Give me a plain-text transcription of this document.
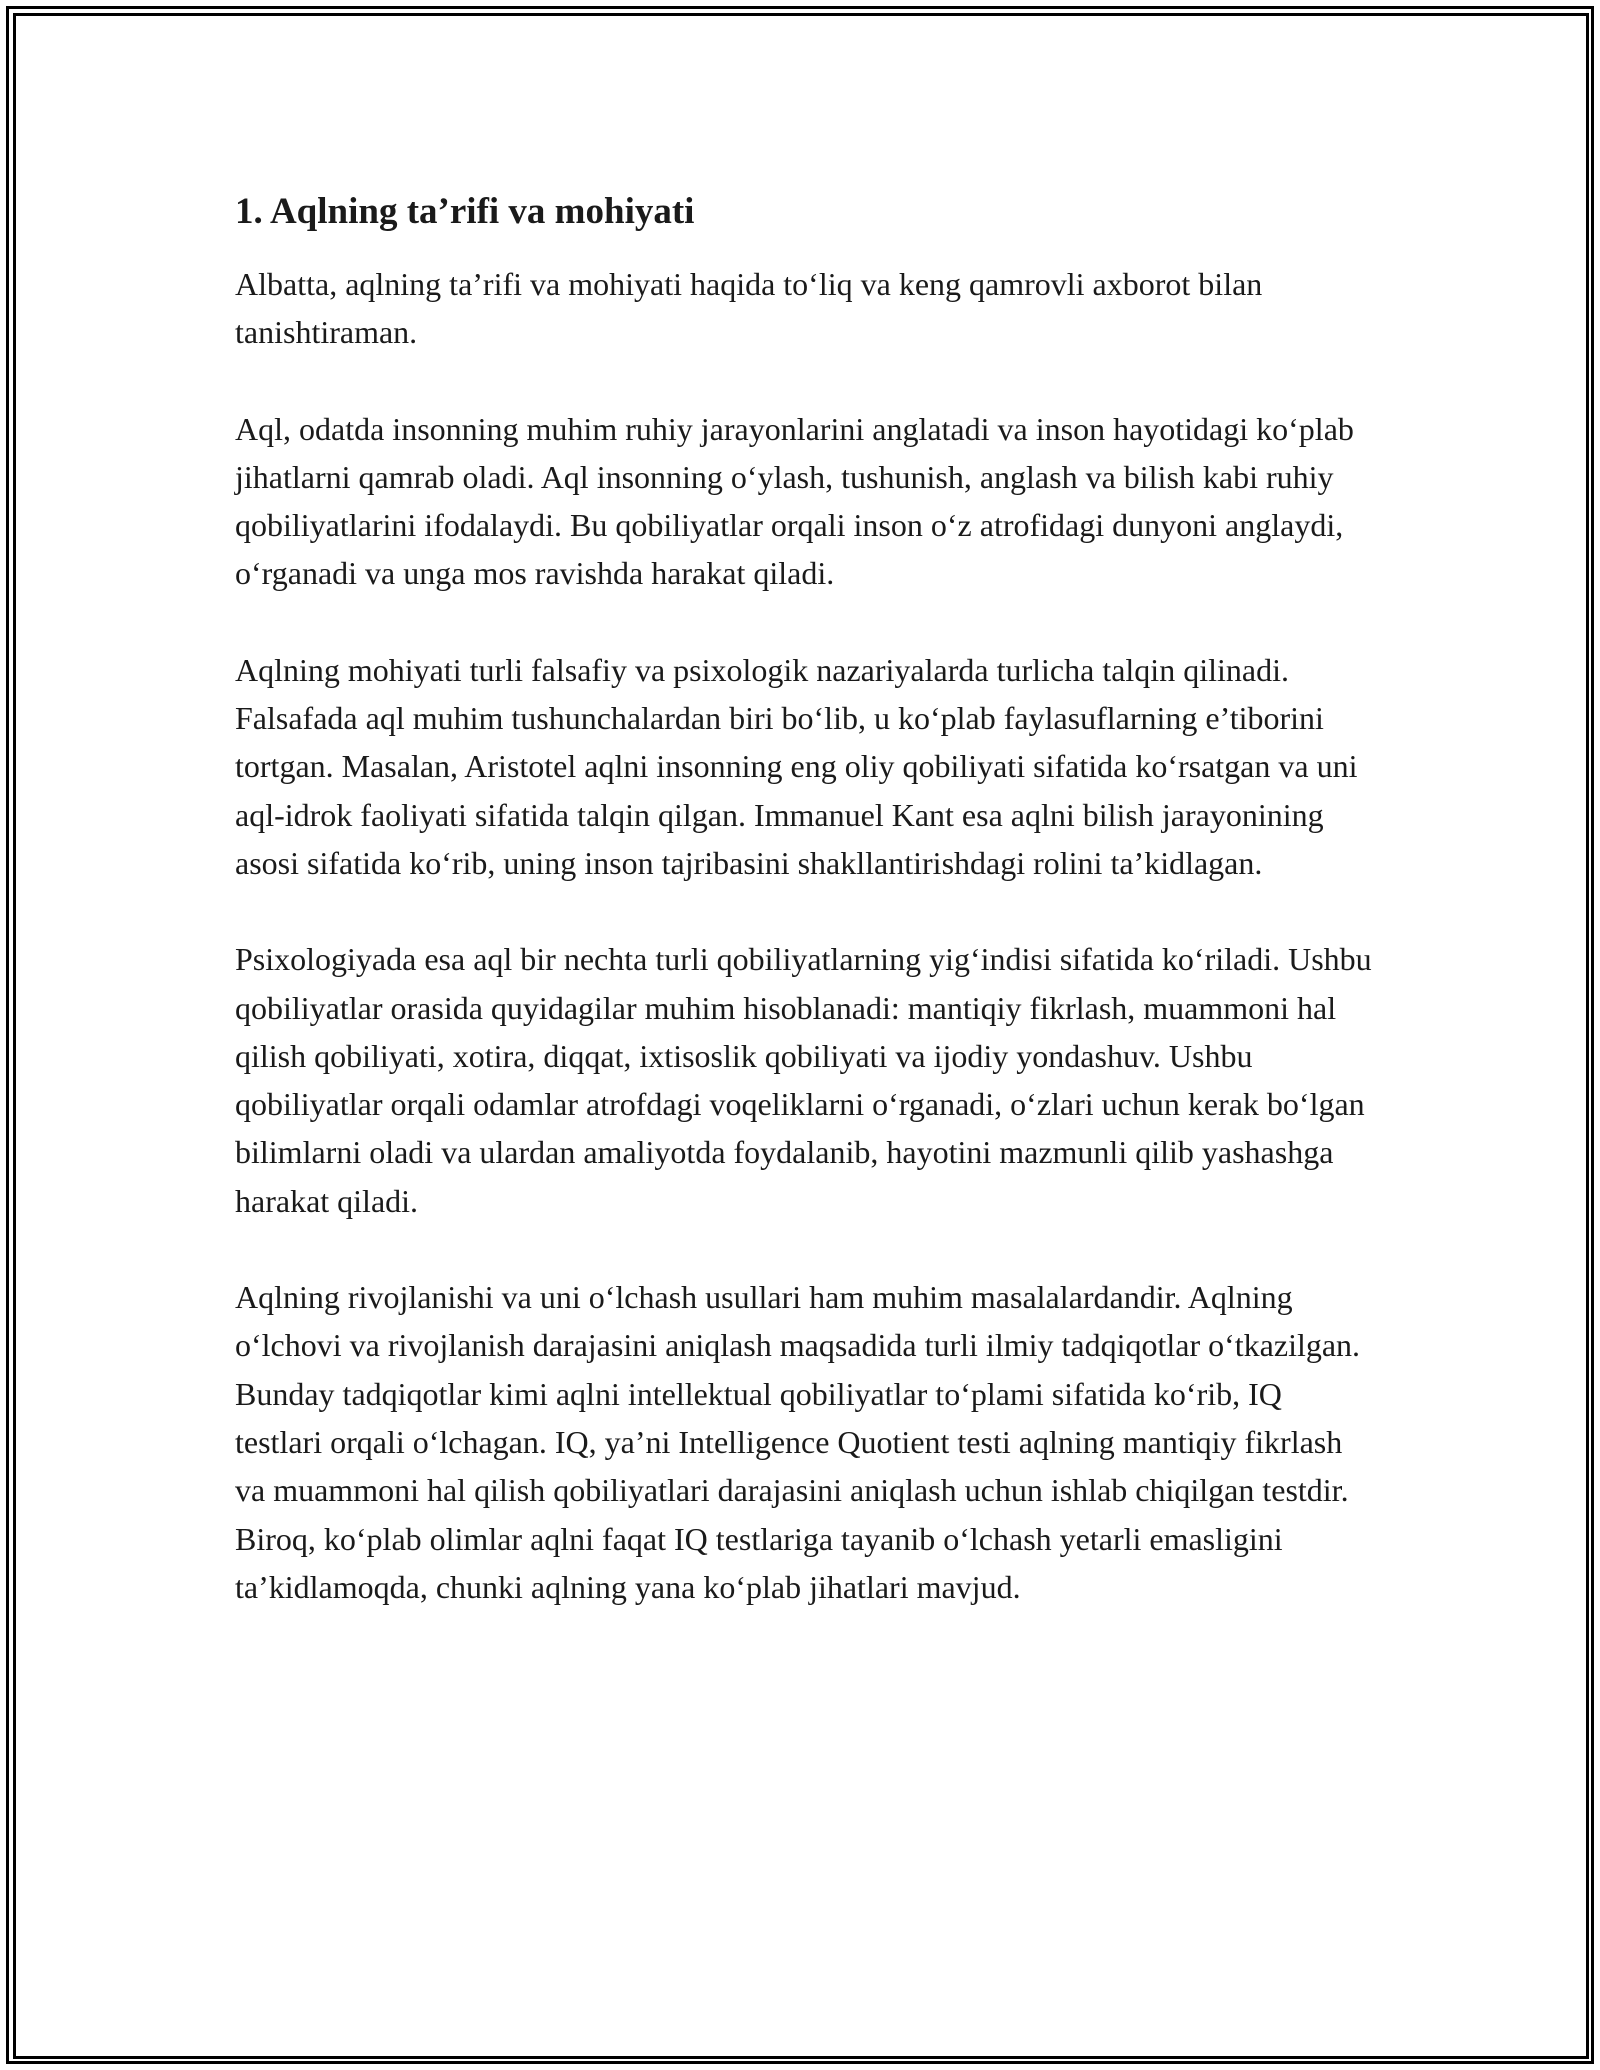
1. Aqlning ta’rifi va mohiyati

Albatta, aqlning ta’rifi va mohiyati haqida to‘liq va keng qamrovli axborot bilan tanishtiraman.

Aql, odatda insonning muhim ruhiy jarayonlarini anglatadi va inson hayotidagi ko‘plab jihatlarni qamrab oladi. Aql insonning o‘ylash, tushunish, anglash va bilish kabi ruhiy qobiliyatlarini ifodalaydi. Bu qobiliyatlar orqali inson o‘z atrofidagi dunyoni anglaydi, o‘rganadi va unga mos ravishda harakat qiladi.

Aqlning mohiyati turli falsafiy va psixologik nazariyalarda turlicha talqin qilinadi. Falsafada aql muhim tushunchalardan biri bo‘lib, u ko‘plab faylasuflarning e’tiborini tortgan. Masalan, Aristotel aqlni insonning eng oliy qobiliyati sifatida ko‘rsatgan va uni aql-idrok faoliyati sifatida talqin qilgan. Immanuel Kant esa aqlni bilish jarayonining asosi sifatida ko‘rib, uning inson tajribasini shakllantirishdagi rolini ta’kidlagan.

Psixologiyada esa aql bir nechta turli qobiliyatlarning yig‘indisi sifatida ko‘riladi. Ushbu qobiliyatlar orasida quyidagilar muhim hisoblanadi: mantiqiy fikrlash, muammoni hal qilish qobiliyati, xotira, diqqat, ixtisoslik qobiliyati va ijodiy yondashuv. Ushbu qobiliyatlar orqali odamlar atrofdagi voqeliklarni o‘rganadi, o‘zlari uchun kerak bo‘lgan bilimlarni oladi va ulardan amaliyotda foydalanib, hayotini mazmunli qilib yashashga harakat qiladi.

Aqlning rivojlanishi va uni o‘lchash usullari ham muhim masalalardandir. Aqlning o‘lchovi va rivojlanish darajasini aniqlash maqsadida turli ilmiy tadqiqotlar o‘tkazilgan. Bunday tadqiqotlar kimi aqlni intellektual qobiliyatlar to‘plami sifatida ko‘rib, IQ testlari orqali o‘lchagan. IQ, ya’ni Intelligence Quotient testi aqlning mantiqiy fikrlash va muammoni hal qilish qobiliyatlari darajasini aniqlash uchun ishlab chiqilgan testdir. Biroq, ko‘plab olimlar aqlni faqat IQ testlariga tayanib o‘lchash yetarli emasligini ta’kidlamoqda, chunki aqlning yana ko‘plab jihatlari mavjud.
